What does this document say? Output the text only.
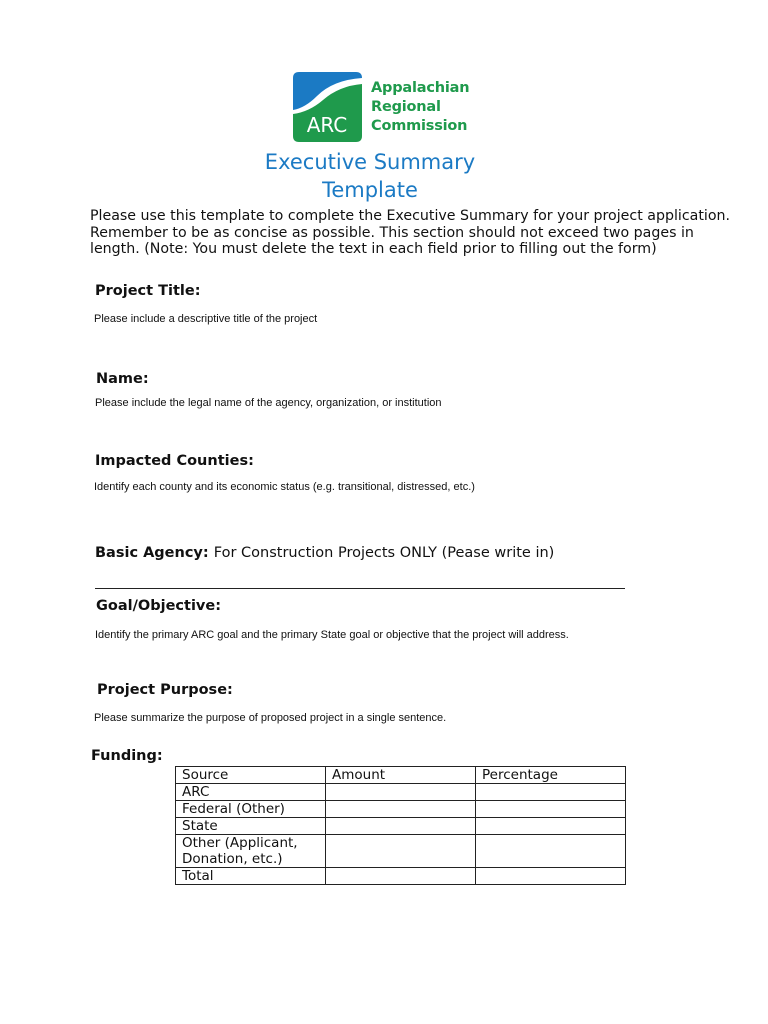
ARC
Appalachian
Regional
Commission
Executive Summary
Template
Please use this template to complete the Executive Summary for your project application.
Remember to be as concise as possible. This section should not exceed two pages in
length. (Note: You must delete the text in each field prior to filling out the form)
Project Title:
Please include a descriptive title of the project
Name:
Please include the legal name of the agency, organization, or institution
Impacted Counties:
Identify each county and its economic status (e.g. transitional, distressed, etc.)
Basic Agency: For Construction Projects ONLY (Pease write in)
Goal/Objective:
Identify the primary ARC goal and the primary State goal or objective that the project will address.
Project Purpose:
Please summarize the purpose of proposed project in a single sentence.
Funding:
Source	Amount	Percentage
ARC		
Federal (Other)		
State		
Other (Applicant, Donation, etc.)		
Total		
